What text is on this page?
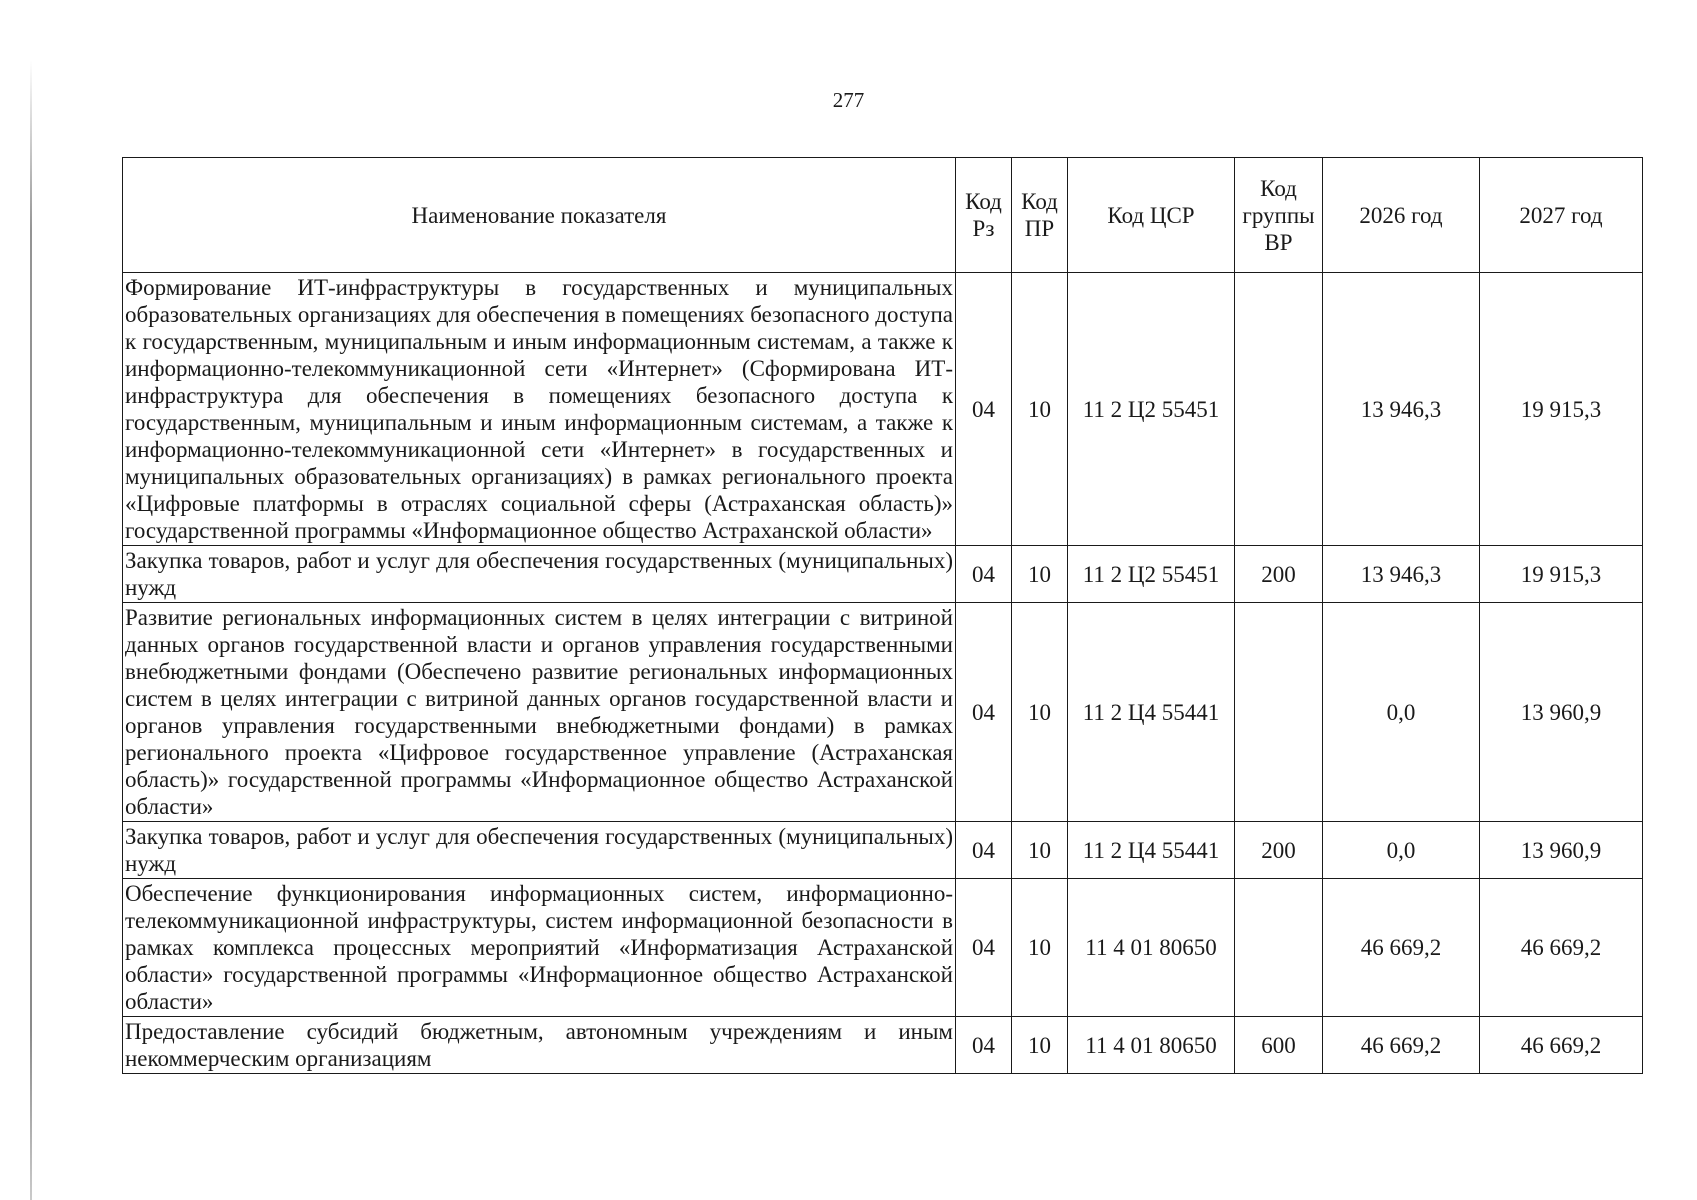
277
Наименование показателя	Код Рз	Код ПР	Код ЦСР	Код группы ВР	2026 год	2027 год
Формирование ИТ-инфраструктуры в государственных и муниципальных образовательных организациях для обеспечения в помещениях безопасного доступа к государственным, муниципальным и иным информационным системам, а также к информационно-телекоммуникационной сети «Интернет» (Сформирована ИТ-инфраструктура для обеспечения в помещениях безопасного доступа к государственным, муниципальным и иным информационным системам, а также к информационно-телекоммуникационной сети «Интернет» в государственных и муниципальных образовательных организациях) в рамках регионального проекта «Цифровые платформы в отраслях социальной сферы (Астраханская область)» государственной программы «Информационное общество Астраханской области»	04	10	11 2 Ц2 55451		13 946,3	19 915,3
Закупка товаров, работ и услуг для обеспечения государственных (муниципальных) нужд	04	10	11 2 Ц2 55451	200	13 946,3	19 915,3
Развитие региональных информационных систем в целях интеграции с витриной данных органов государственной власти и органов управления государственными внебюджетными фондами (Обеспечено развитие региональных информационных систем в целях интеграции с витриной данных органов государственной власти и органов управления государственными внебюджетными фондами) в рамках регионального проекта «Цифровое государственное управление (Астраханская область)» государственной программы «Информационное общество Астраханской области»	04	10	11 2 Ц4 55441		0,0	13 960,9
Закупка товаров, работ и услуг для обеспечения государственных (муниципальных) нужд	04	10	11 2 Ц4 55441	200	0,0	13 960,9
Обеспечение функционирования информационных систем, информационно-телекоммуникационной инфраструктуры, систем информационной безопасности в рамках комплекса процессных мероприятий «Информатизация Астраханской области» государственной программы «Информационное общество Астраханской области»	04	10	11 4 01 80650		46 669,2	46 669,2
Предоставление субсидий бюджетным, автономным учреждениям и иным некоммерческим организациям	04	10	11 4 01 80650	600	46 669,2	46 669,2
